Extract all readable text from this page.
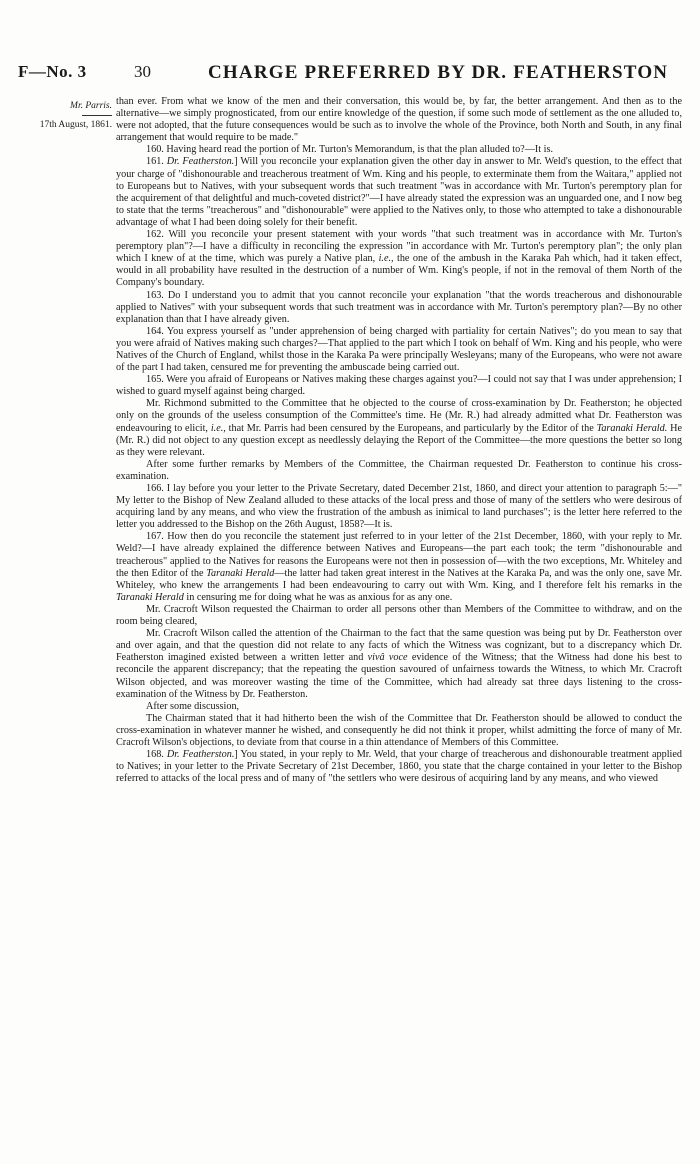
F—No. 3	30	CHARGE PREFERRED BY DR. FEATHERSTON
Mr. Parris.
17th August, 1861.

than ever. From what we know of the men and their conversation, this would be, by far, the better arrangement. And then as to the alternative—we simply prognosticated, from our entire knowledge of the question, if some such mode of settlement as the one alluded to, were not adopted, that the future consequences would be such as to involve the whole of the Province, both North and South, in any final arrangement that would require to be made."

160. Having heard read the portion of Mr. Turton's Memorandum, is that the plan alluded to?—It is.

161. Dr. Featherston.] Will you reconcile your explanation given the other day in answer to Mr. Weld's question, to the effect that your charge of "dishonourable and treacherous treatment of Wm. King and his people, to exterminate them from the Waitara," applied not to Europeans but to Natives, with your subsequent words that such treatment "was in accordance with Mr. Turton's peremptory plan for the acquirement of that delightful and much-coveted district?"—I have already stated the expression was an unguarded one, and I now beg to state that the terms "treacherous" and "dishonourable" were applied to the Natives only, to those who attempted to take a dishonourable advantage of what I had been doing solely for their benefit.

162. Will you reconcile your present statement with your words "that such treatment was in accordance with Mr. Turton's peremptory plan"?—I have a difficulty in reconciling the expression "in accordance with Mr. Turton's peremptory plan"; the only plan which I knew of at the time, which was purely a Native plan, i.e., the one of the ambush in the Karaka Pah which, had it taken effect, would in all probability have resulted in the destruction of a number of Wm. King's people, if not in the removal of them North of the Company's boundary.

163. Do I understand you to admit that you cannot reconcile your explanation "that the words treacherous and dishonourable applied to Natives" with your subsequent words that such treatment was in accordance with Mr. Turton's peremptory plan?—By no other explanation than that I have already given.

164. You express yourself as "under apprehension of being charged with partiality for certain Natives"; do you mean to say that you were afraid of Natives making such charges?—That applied to the part which I took on behalf of Wm. King and his people, who were Natives of the Church of England, whilst those in the Karaka Pa were principally Wesleyans; many of the Europeans, who were not aware of the part I had taken, censured me for preventing the ambuscade being carried out.

165. Were you afraid of Europeans or Natives making these charges against you?—I could not say that I was under apprehension; I wished to guard myself against being charged.

Mr. Richmond submitted to the Committee that he objected to the course of cross-examination by Dr. Featherston; he objected only on the grounds of the useless consumption of the Committee's time. He (Mr. R.) had already admitted what Dr. Featherston was endeavouring to elicit, i.e., that Mr. Parris had been censured by the Europeans, and particularly by the Editor of the Taranaki Herald. He (Mr. R.) did not object to any question except as needlessly delaying the Report of the Committee—the more questions the better so long as they were relevant.

After some further remarks by Members of the Committee, the Chairman requested Dr. Featherston to continue his cross-examination.

166. I lay before you your letter to the Private Secretary, dated December 21st, 1860, and direct your attention to paragraph 5:—" My letter to the Bishop of New Zealand alluded to these attacks of the local press and those of many of the settlers who were desirous of acquiring land by any means, and who view the frustration of the ambush as inimical to land purchases"; is the letter here referred to the letter you addressed to the Bishop on the 26th August, 1858?—It is.

167. How then do you reconcile the statement just referred to in your letter of the 21st December, 1860, with your reply to Mr. Weld?—I have already explained the difference between Natives and Europeans—the part each took; the term "dishonourable and treacherous" applied to the Natives for reasons the Europeans were not then in possession of—with the two exceptions, Mr. Whiteley and the then Editor of the Taranaki Herald—the latter had taken great interest in the Natives at the Karaka Pa, and was the only one, save Mr. Whiteley, who knew the arrangements I had been endeavouring to carry out with Wm. King, and I therefore felt his remarks in the Taranaki Herald in censuring me for doing what he was as anxious for as any one.

Mr. Cracroft Wilson requested the Chairman to order all persons other than Members of the Committee to withdraw, and on the room being cleared,

Mr. Cracroft Wilson called the attention of the Chairman to the fact that the same question was being put by Dr. Featherston over and over again, and that the question did not relate to any facts of which the Witness was cognizant, but to a discrepancy which Dr. Featherston imagined existed between a written letter and vivâ voce evidence of the Witness; that the Witness had done his best to reconcile the apparent discrepancy; that the repeating the question savoured of unfairness towards the Witness, to which Mr. Cracroft Wilson objected, and was moreover wasting the time of the Committee, which had already sat three days listening to the cross-examination of the Witness by Dr. Featherston.

After some discussion,

The Chairman stated that it had hitherto been the wish of the Committee that Dr. Featherston should be allowed to conduct the cross-examination in whatever manner he wished, and consequently he did not think it proper, whilst admitting the force of many of Mr. Cracroft Wilson's objections, to deviate from that course in a thin attendance of Members of this Committee.

168. Dr. Featherston.] You stated, in your reply to Mr. Weld, that your charge of treacherous and dishonourable treatment applied to Natives; in your letter to the Private Secretary of 21st December, 1860, you state that the charge contained in your letter to the Bishop referred to attacks of the local press and of many of "the settlers who were desirous of acquiring land by any means, and who viewed
